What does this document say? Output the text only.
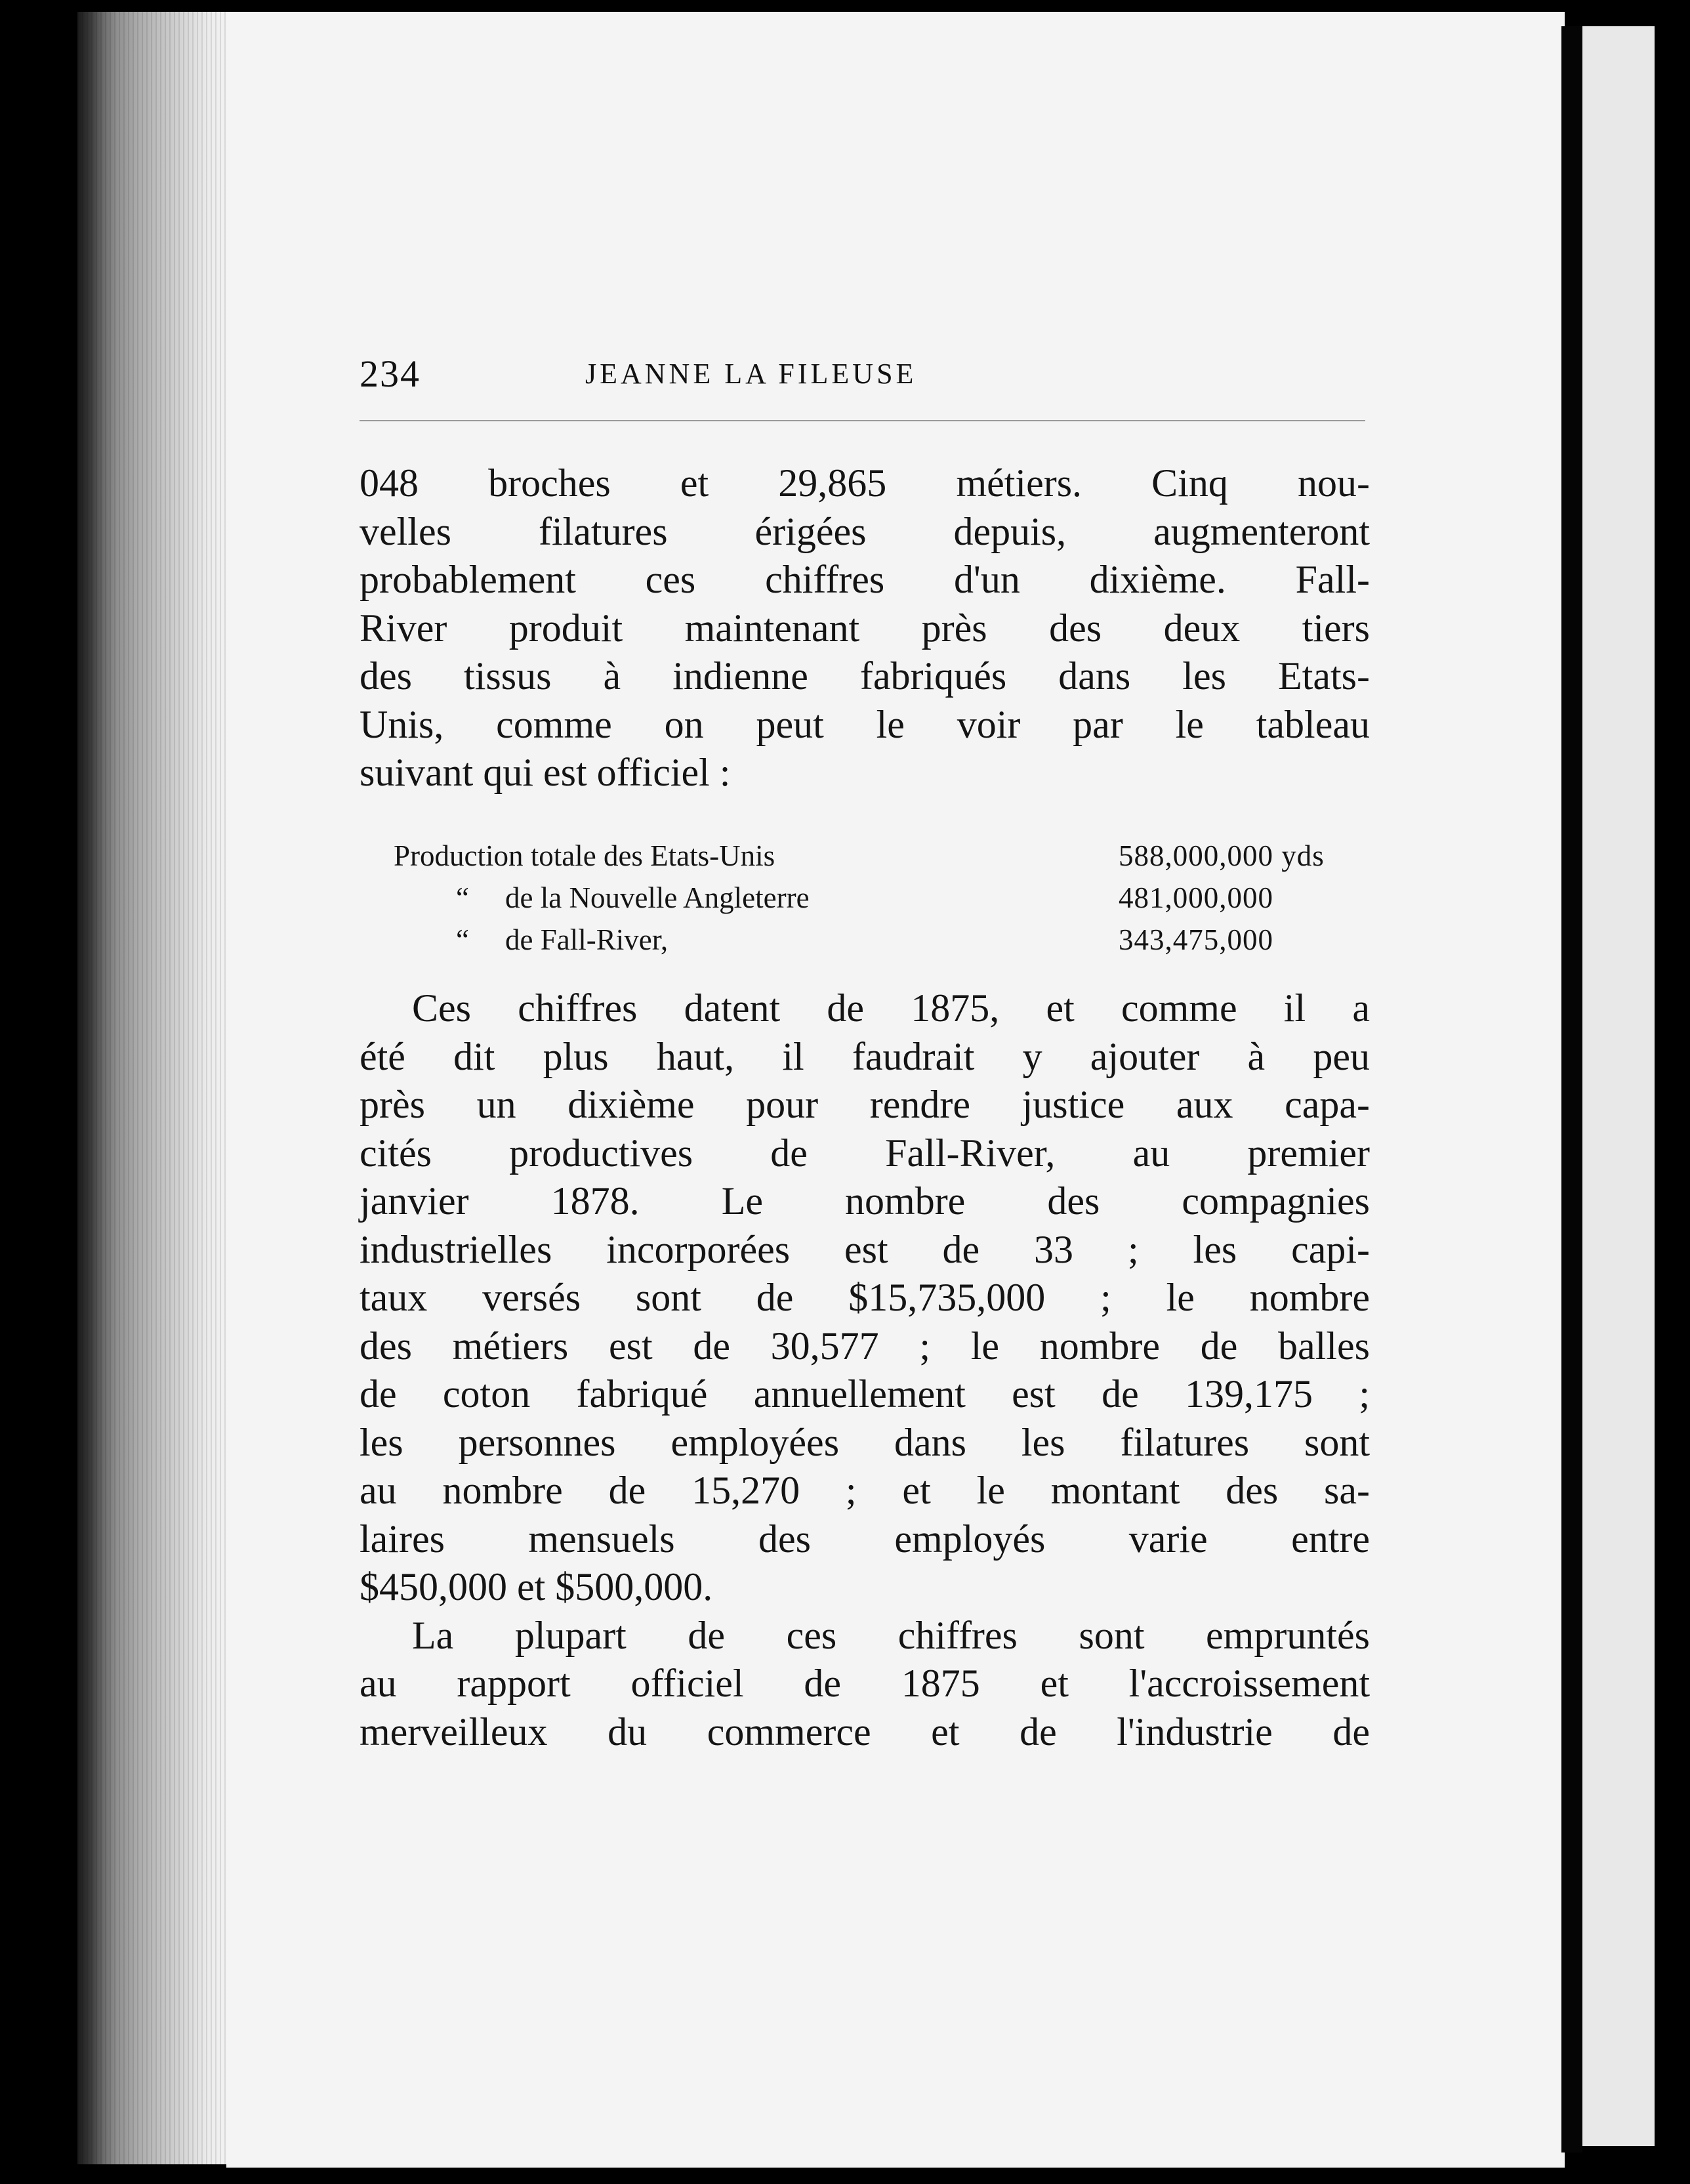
234	JEANNE LA FILEUSE
048 broches et 29,865 métiers. Cinq nou-
velles filatures érigées depuis, augmenteront
probablement ces chiffres d'un dixième. Fall-
River produit maintenant près des deux tiers
des tissus à indienne fabriqués dans les Etats-
Unis, comme on peut le voir par le tableau
suivant qui est officiel :
Production totale des Etats-Unis	588,000,000 yds
“ de la Nouvelle Angleterre	481,000,000
“ de Fall-River,	343,475,000
Ces chiffres datent de 1875, et comme il a
été dit plus haut, il faudrait y ajouter à peu
près un dixième pour rendre justice aux capa-
cités productives de Fall-River, au premier
janvier 1878. Le nombre des compagnies
industrielles incorporées est de 33 ; les capi-
taux versés sont de $15,735,000 ; le nombre
des métiers est de 30,577 ; le nombre de balles
de coton fabriqué annuellement est de 139,175 ;
les personnes employées dans les filatures sont
au nombre de 15,270 ; et le montant des sa-
laires mensuels des employés varie entre
$450,000 et $500,000.
La plupart de ces chiffres sont empruntés
au rapport officiel de 1875 et l'accroissement
merveilleux du commerce et de l'industrie de
